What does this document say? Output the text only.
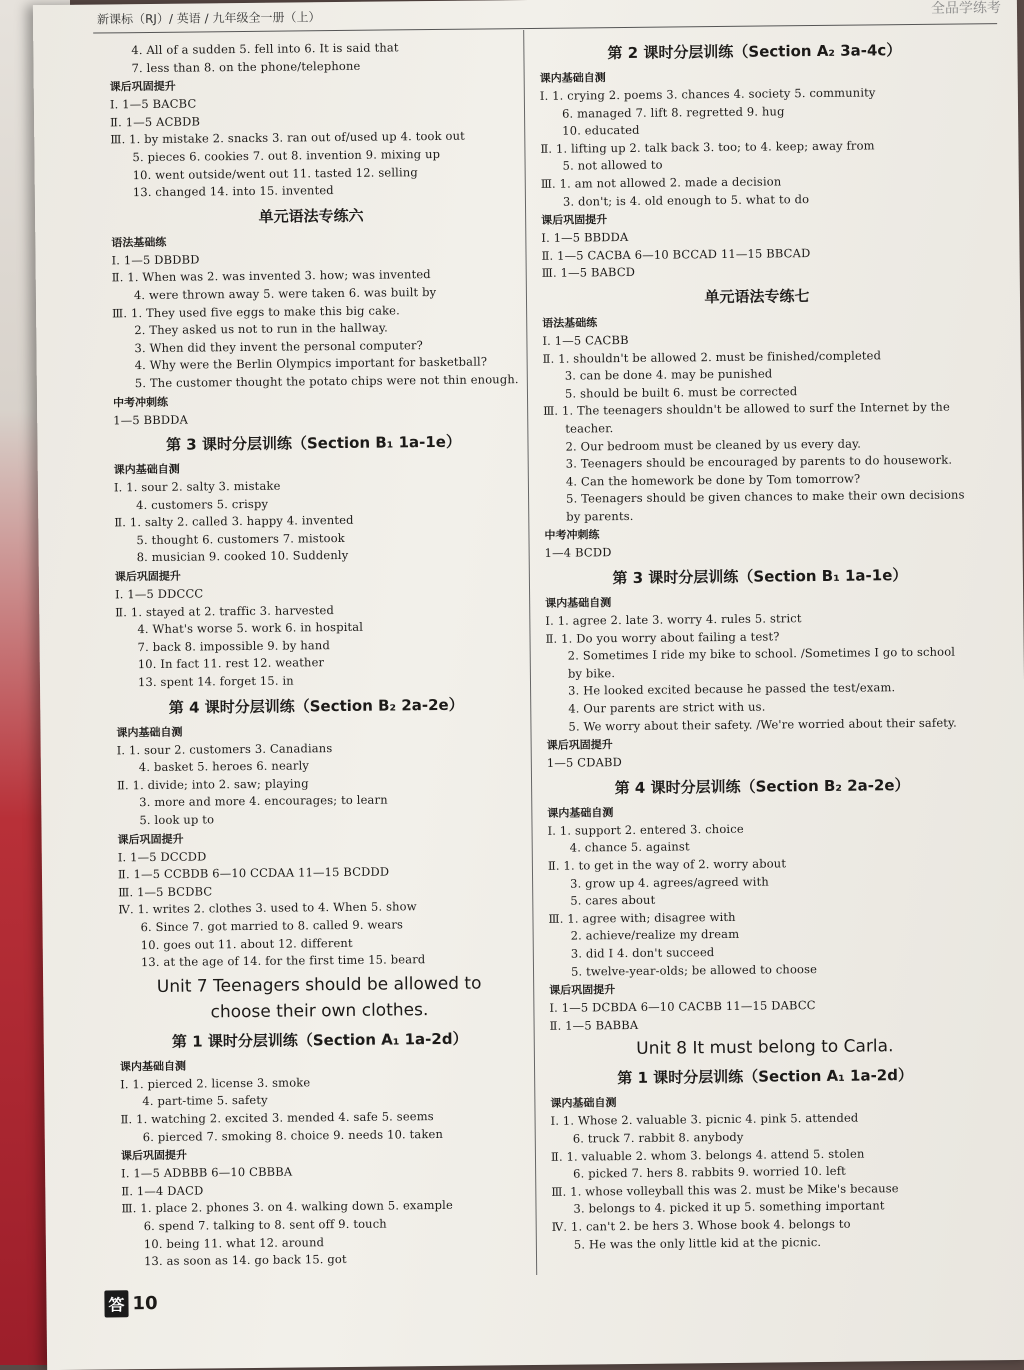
新课标（RJ）/ 英语 / 九年级全一册（上）
全品学练考
4. All of a sudden 5. fell into 6. It is said that
7. less than 8. on the phone/telephone
课后巩固提升
Ⅰ. 1—5 BACBC
Ⅱ. 1—5 ACBDB
Ⅲ. 1. by mistake 2. snacks 3. ran out of/used up 4. took out
5. pieces 6. cookies 7. out 8. invention 9. mixing up
10. went outside/went out 11. tasted 12. selling
13. changed 14. into 15. invented
单元语法专练六
语法基础练
Ⅰ. 1—5 DBDBD
Ⅱ. 1. When was 2. was invented 3. how; was invented
4. were thrown away 5. were taken 6. was built by
Ⅲ. 1. They used five eggs to make this big cake.
2. They asked us not to run in the hallway.
3. When did they invent the personal computer?
4. Why were the Berlin Olympics important for basketball?
5. The customer thought the potato chips were not thin enough.
中考冲刺练
1—5 BBDDA
第 3 课时分层训练（Section B₁ 1a-1e）
课内基础自测
Ⅰ. 1. sour 2. salty 3. mistake
4. customers 5. crispy
Ⅱ. 1. salty 2. called 3. happy 4. invented
5. thought 6. customers 7. mistook
8. musician 9. cooked 10. Suddenly
课后巩固提升
Ⅰ. 1—5 DDCCC
Ⅱ. 1. stayed at 2. traffic 3. harvested
4. What's worse 5. work 6. in hospital
7. back 8. impossible 9. by hand
10. In fact 11. rest 12. weather
13. spent 14. forget 15. in
第 4 课时分层训练（Section B₂ 2a-2e）
课内基础自测
Ⅰ. 1. sour 2. customers 3. Canadians
4. basket 5. heroes 6. nearly
Ⅱ. 1. divide; into 2. saw; playing
3. more and more 4. encourages; to learn
5. look up to
课后巩固提升
Ⅰ. 1—5 DCCDD
Ⅱ. 1—5 CCBDB 6—10 CCDAA 11—15 BCDDD
Ⅲ. 1—5 BCDBC
Ⅳ. 1. writes 2. clothes 3. used to 4. When 5. show
6. Since 7. got married to 8. called 9. wears
10. goes out 11. about 12. different
13. at the age of 14. for the first time 15. beard
Unit 7 Teenagers should be allowed to
choose their own clothes.
第 1 课时分层训练（Section A₁ 1a-2d）
课内基础自测
Ⅰ. 1. pierced 2. license 3. smoke
4. part-time 5. safety
Ⅱ. 1. watching 2. excited 3. mended 4. safe 5. seems
6. pierced 7. smoking 8. choice 9. needs 10. taken
课后巩固提升
Ⅰ. 1—5 ADBBB 6—10 CBBBA
Ⅱ. 1—4 DACD
Ⅲ. 1. place 2. phones 3. on 4. walking down 5. example
6. spend 7. talking to 8. sent off 9. touch
10. being 11. what 12. around
13. as soon as 14. go back 15. got
第 2 课时分层训练（Section A₂ 3a-4c）
课内基础自测
Ⅰ. 1. crying 2. poems 3. chances 4. society 5. community
6. managed 7. lift 8. regretted 9. hug
10. educated
Ⅱ. 1. lifting up 2. talk back 3. too; to 4. keep; away from
5. not allowed to
Ⅲ. 1. am not allowed 2. made a decision
3. don't; is 4. old enough to 5. what to do
课后巩固提升
Ⅰ. 1—5 BBDDA
Ⅱ. 1—5 CACBA 6—10 BCCAD 11—15 BBCAD
Ⅲ. 1—5 BABCD
单元语法专练七
语法基础练
Ⅰ. 1—5 CACBB
Ⅱ. 1. shouldn't be allowed 2. must be finished/completed
3. can be done 4. may be punished
5. should be built 6. must be corrected
Ⅲ. 1. The teenagers shouldn't be allowed to surf the Internet by the
teacher.
2. Our bedroom must be cleaned by us every day.
3. Teenagers should be encouraged by parents to do housework.
4. Can the homework be done by Tom tomorrow?
5. Teenagers should be given chances to make their own decisions
by parents.
中考冲刺练
1—4 BCDD
第 3 课时分层训练（Section B₁ 1a-1e）
课内基础自测
Ⅰ. 1. agree 2. late 3. worry 4. rules 5. strict
Ⅱ. 1. Do you worry about failing a test?
2. Sometimes I ride my bike to school. /Sometimes I go to school
by bike.
3. He looked excited because he passed the test/exam.
4. Our parents are strict with us.
5. We worry about their safety. /We're worried about their safety.
课后巩固提升
1—5 CDABD
第 4 课时分层训练（Section B₂ 2a-2e）
课内基础自测
Ⅰ. 1. support 2. entered 3. choice
4. chance 5. against
Ⅱ. 1. to get in the way of 2. worry about
3. grow up 4. agrees/agreed with
5. cares about
Ⅲ. 1. agree with; disagree with
2. achieve/realize my dream
3. did I 4. don't succeed
5. twelve-year-olds; be allowed to choose
课后巩固提升
Ⅰ. 1—5 DCBDA 6—10 CACBB 11—15 DABCC
Ⅱ. 1—5 BABBA
Unit 8 It must belong to Carla.
第 1 课时分层训练（Section A₁ 1a-2d）
课内基础自测
Ⅰ. 1. Whose 2. valuable 3. picnic 4. pink 5. attended
6. truck 7. rabbit 8. anybody
Ⅱ. 1. valuable 2. whom 3. belongs 4. attend 5. stolen
6. picked 7. hers 8. rabbits 9. worried 10. left
Ⅲ. 1. whose volleyball this was 2. must be Mike's because
3. belongs to 4. picked it up 5. something important
Ⅳ. 1. can't 2. be hers 3. Whose book 4. belongs to
5. He was the only little kid at the picnic.
答 10
